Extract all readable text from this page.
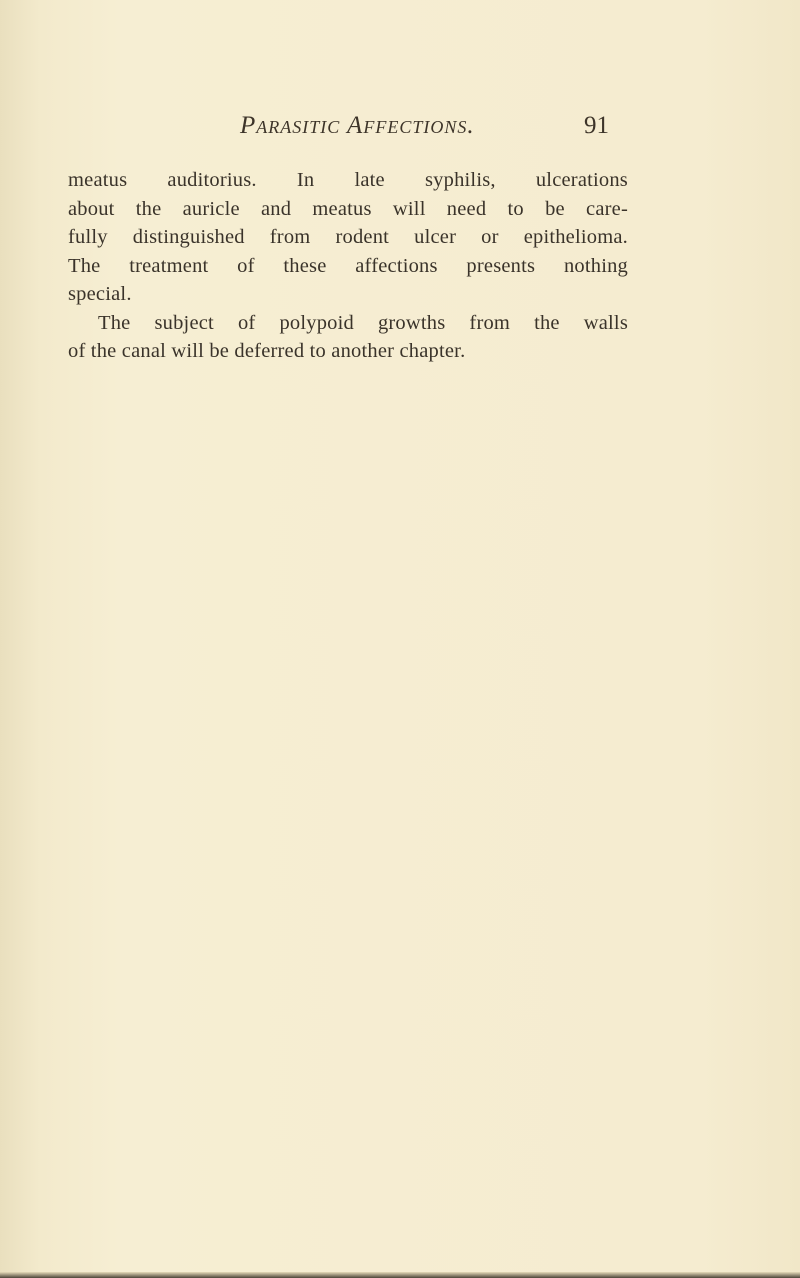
Parasitic Affections.	91
meatus auditorius. In late syphilis, ulcerations
about the auricle and meatus will need to be care-
fully distinguished from rodent ulcer or epithelioma.
The treatment of these affections presents nothing
special.
The subject of polypoid growths from the walls
of the canal will be deferred to another chapter.
